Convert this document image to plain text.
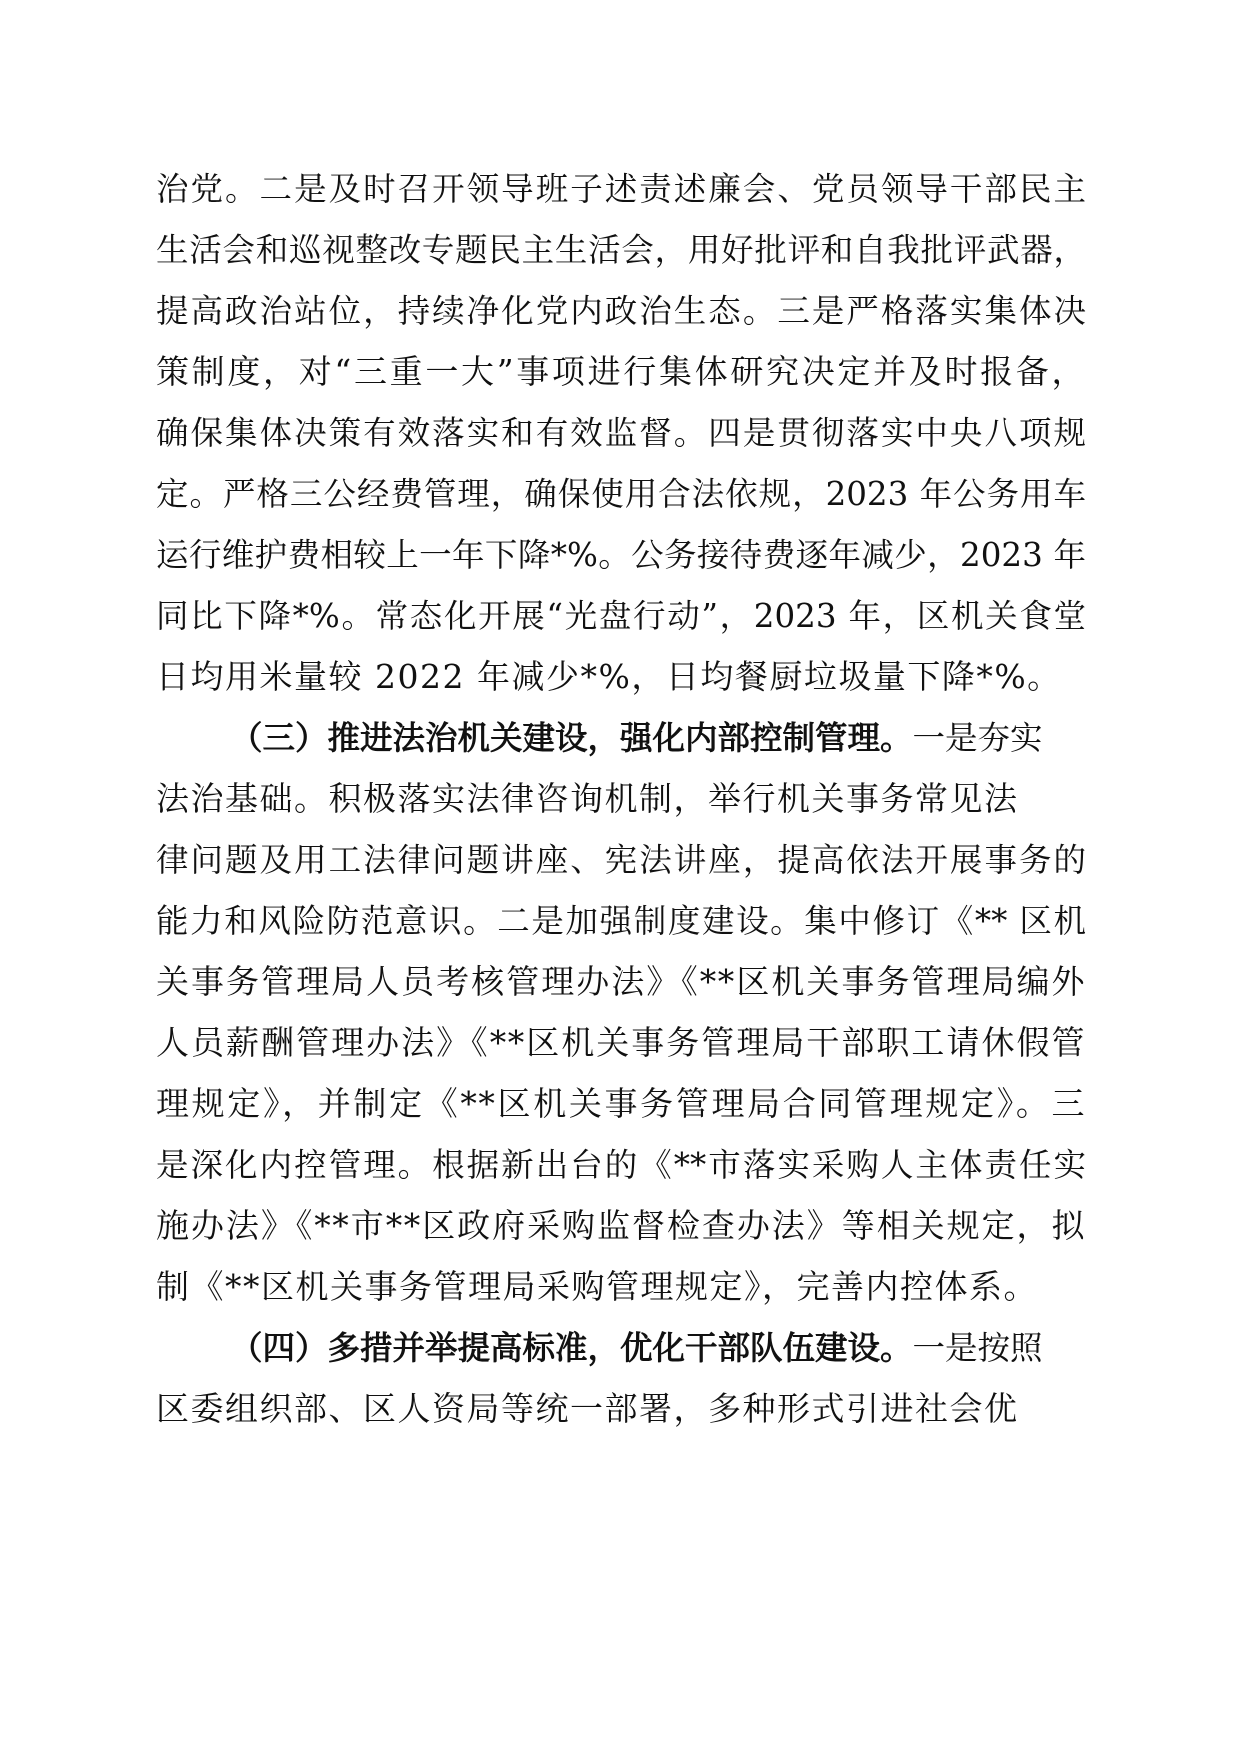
治党。二是及时召开领导班子述责述廉会、党员领导干部民主
生活会和巡视整改专题民主生活会，用好批评和自我批评武器，
提高政治站位，持续净化党内政治生态。三是严格落实集体决
策制度，对“三重一大”事项进行集体研究决定并及时报备，
确保集体决策有效落实和有效监督。四是贯彻落实中央八项规
定。严格三公经费管理，确保使用合法依规，2023 年公务用车
运行维护费相较上一年下降*%。公务接待费逐年减少，2023 年
同比下降*%。常态化开展“光盘行动”，2023 年，区机关食堂
日均用米量较 2022 年减少*%，日均餐厨垃圾量下降*%。
（三）推进法治机关建设，强化内部控制管理。一是夯实
法治基础。积极落实法律咨询机制，举行机关事务常见法
律问题及用工法律问题讲座、宪法讲座，提高依法开展事务的
能力和风险防范意识。二是加强制度建设。集中修订《** 区机
关事务管理局人员考核管理办法》《**区机关事务管理局编外
人员薪酬管理办法》《**区机关事务管理局干部职工请休假管
理规定》，并制定《**区机关事务管理局合同管理规定》。三
是深化内控管理。根据新出台的《**市落实采购人主体责任实
施办法》《**市**区政府采购监督检查办法》等相关规定，拟
制《**区机关事务管理局采购管理规定》，完善内控体系。
（四）多措并举提高标准，优化干部队伍建设。一是按照
区委组织部、区人资局等统一部署，多种形式引进社会优
